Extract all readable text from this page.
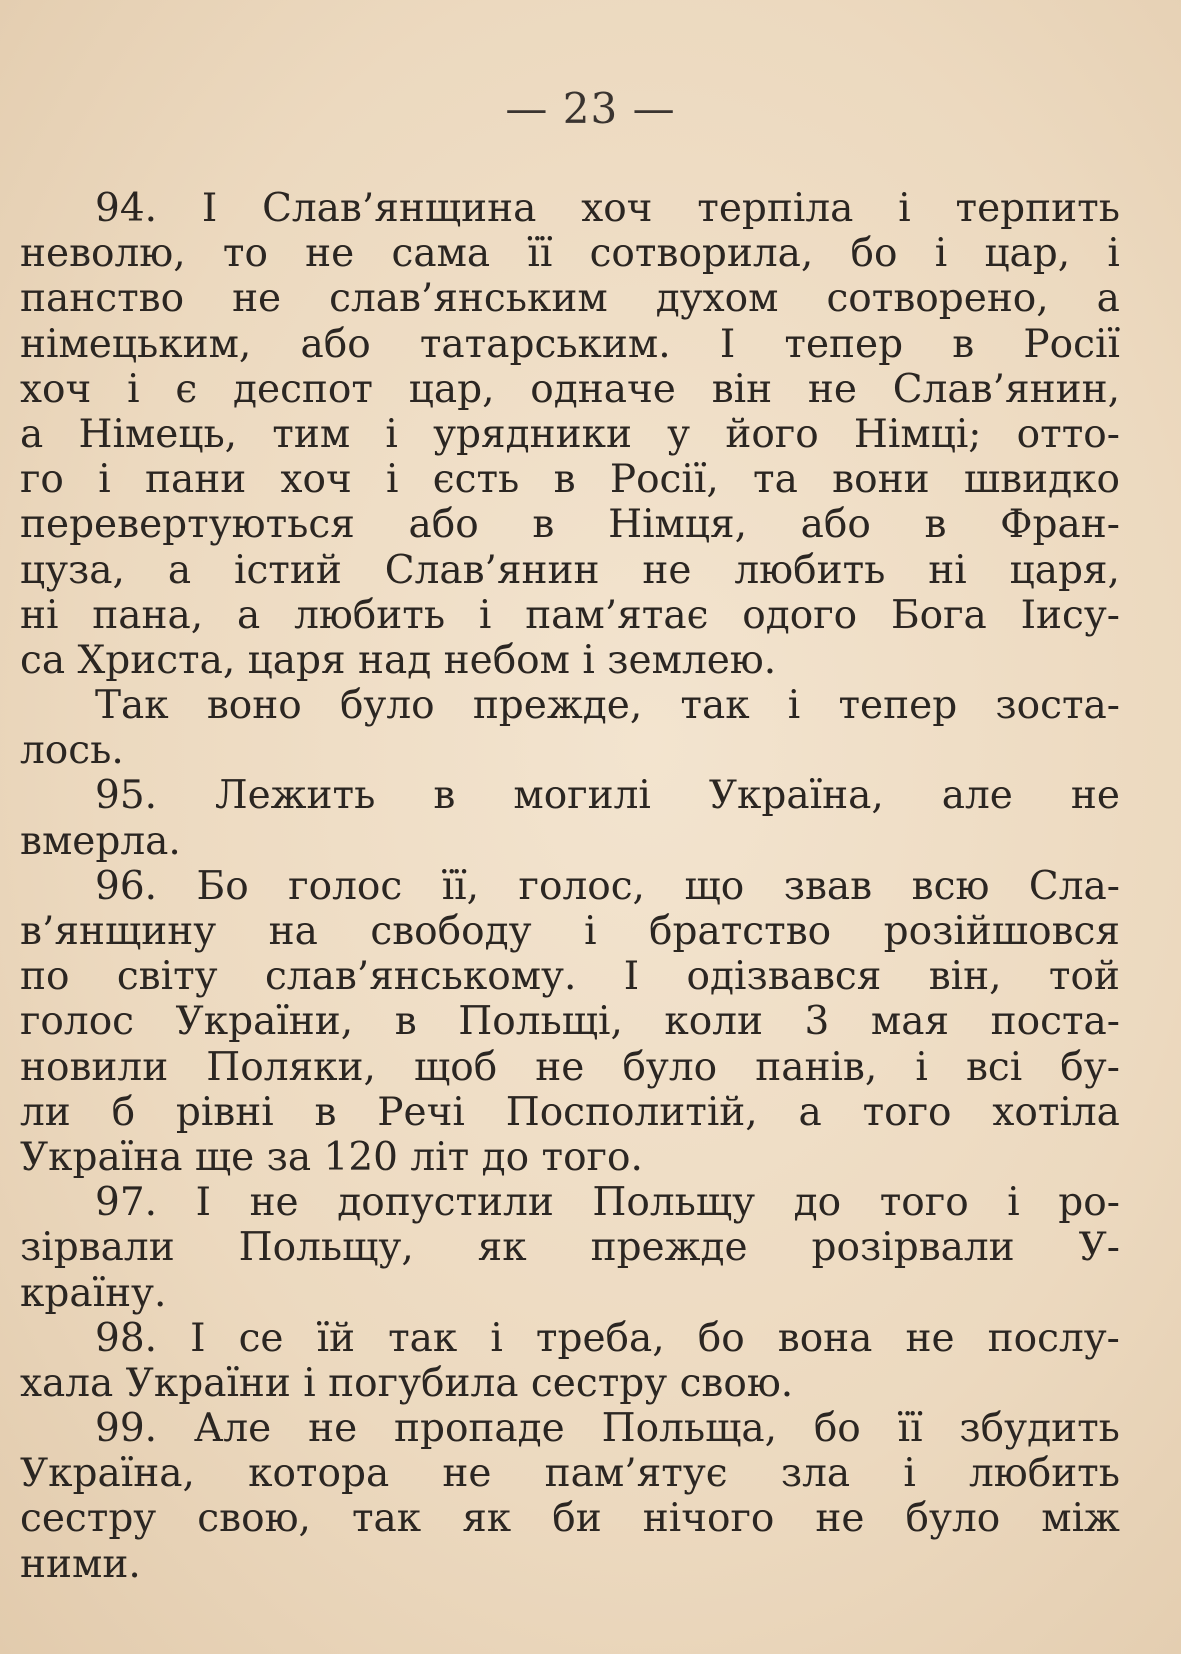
— 23 —
94. І Слав’янщина хоч терпіла і терпить
неволю, то не сама її сотворила, бо і цар, і
панство не слав’янським духом сотворено, а
німецьким, або татарським. І тепер в Росії
хоч і є деспот цар, одначе він не Слав’янин,
а Німець, тим і урядники у його Німці; отто-
го і пани хоч і єсть в Росії, та вони швидко
перевертуються або в Німця, або в Фран-
цуза, а істий Слав’янин не любить ні царя,
ні пана, а любить і пам’ятає одого Бога Іису-
са Христа, царя над небом і землею.
Так воно було прежде, так і тепер зоста-
лось.
95. Лежить в могилі Україна, але не
вмерла.
96. Бо голос її, голос, що звав всю Сла-
в’янщину на свободу і братство розійшовся
по світу слав’янському. І одізвався він, той
голос України, в Польщі, коли 3 мая поста-
новили Поляки, щоб не було панів, і всі бу-
ли б рівні в Речі Посполитій, а того хотіла
Україна ще за 120 літ до того.
97. І не допустили Польщу до того і ро-
зірвали Польщу, як прежде розірвали У-
країну.
98. І се їй так і треба, бо вона не послу-
хала України і погубила сестру свою.
99. Але не пропаде Польща, бо її збудить
Україна, котора не пам’ятує зла і любить
сестру свою, так як би нічого не було між
ними.
